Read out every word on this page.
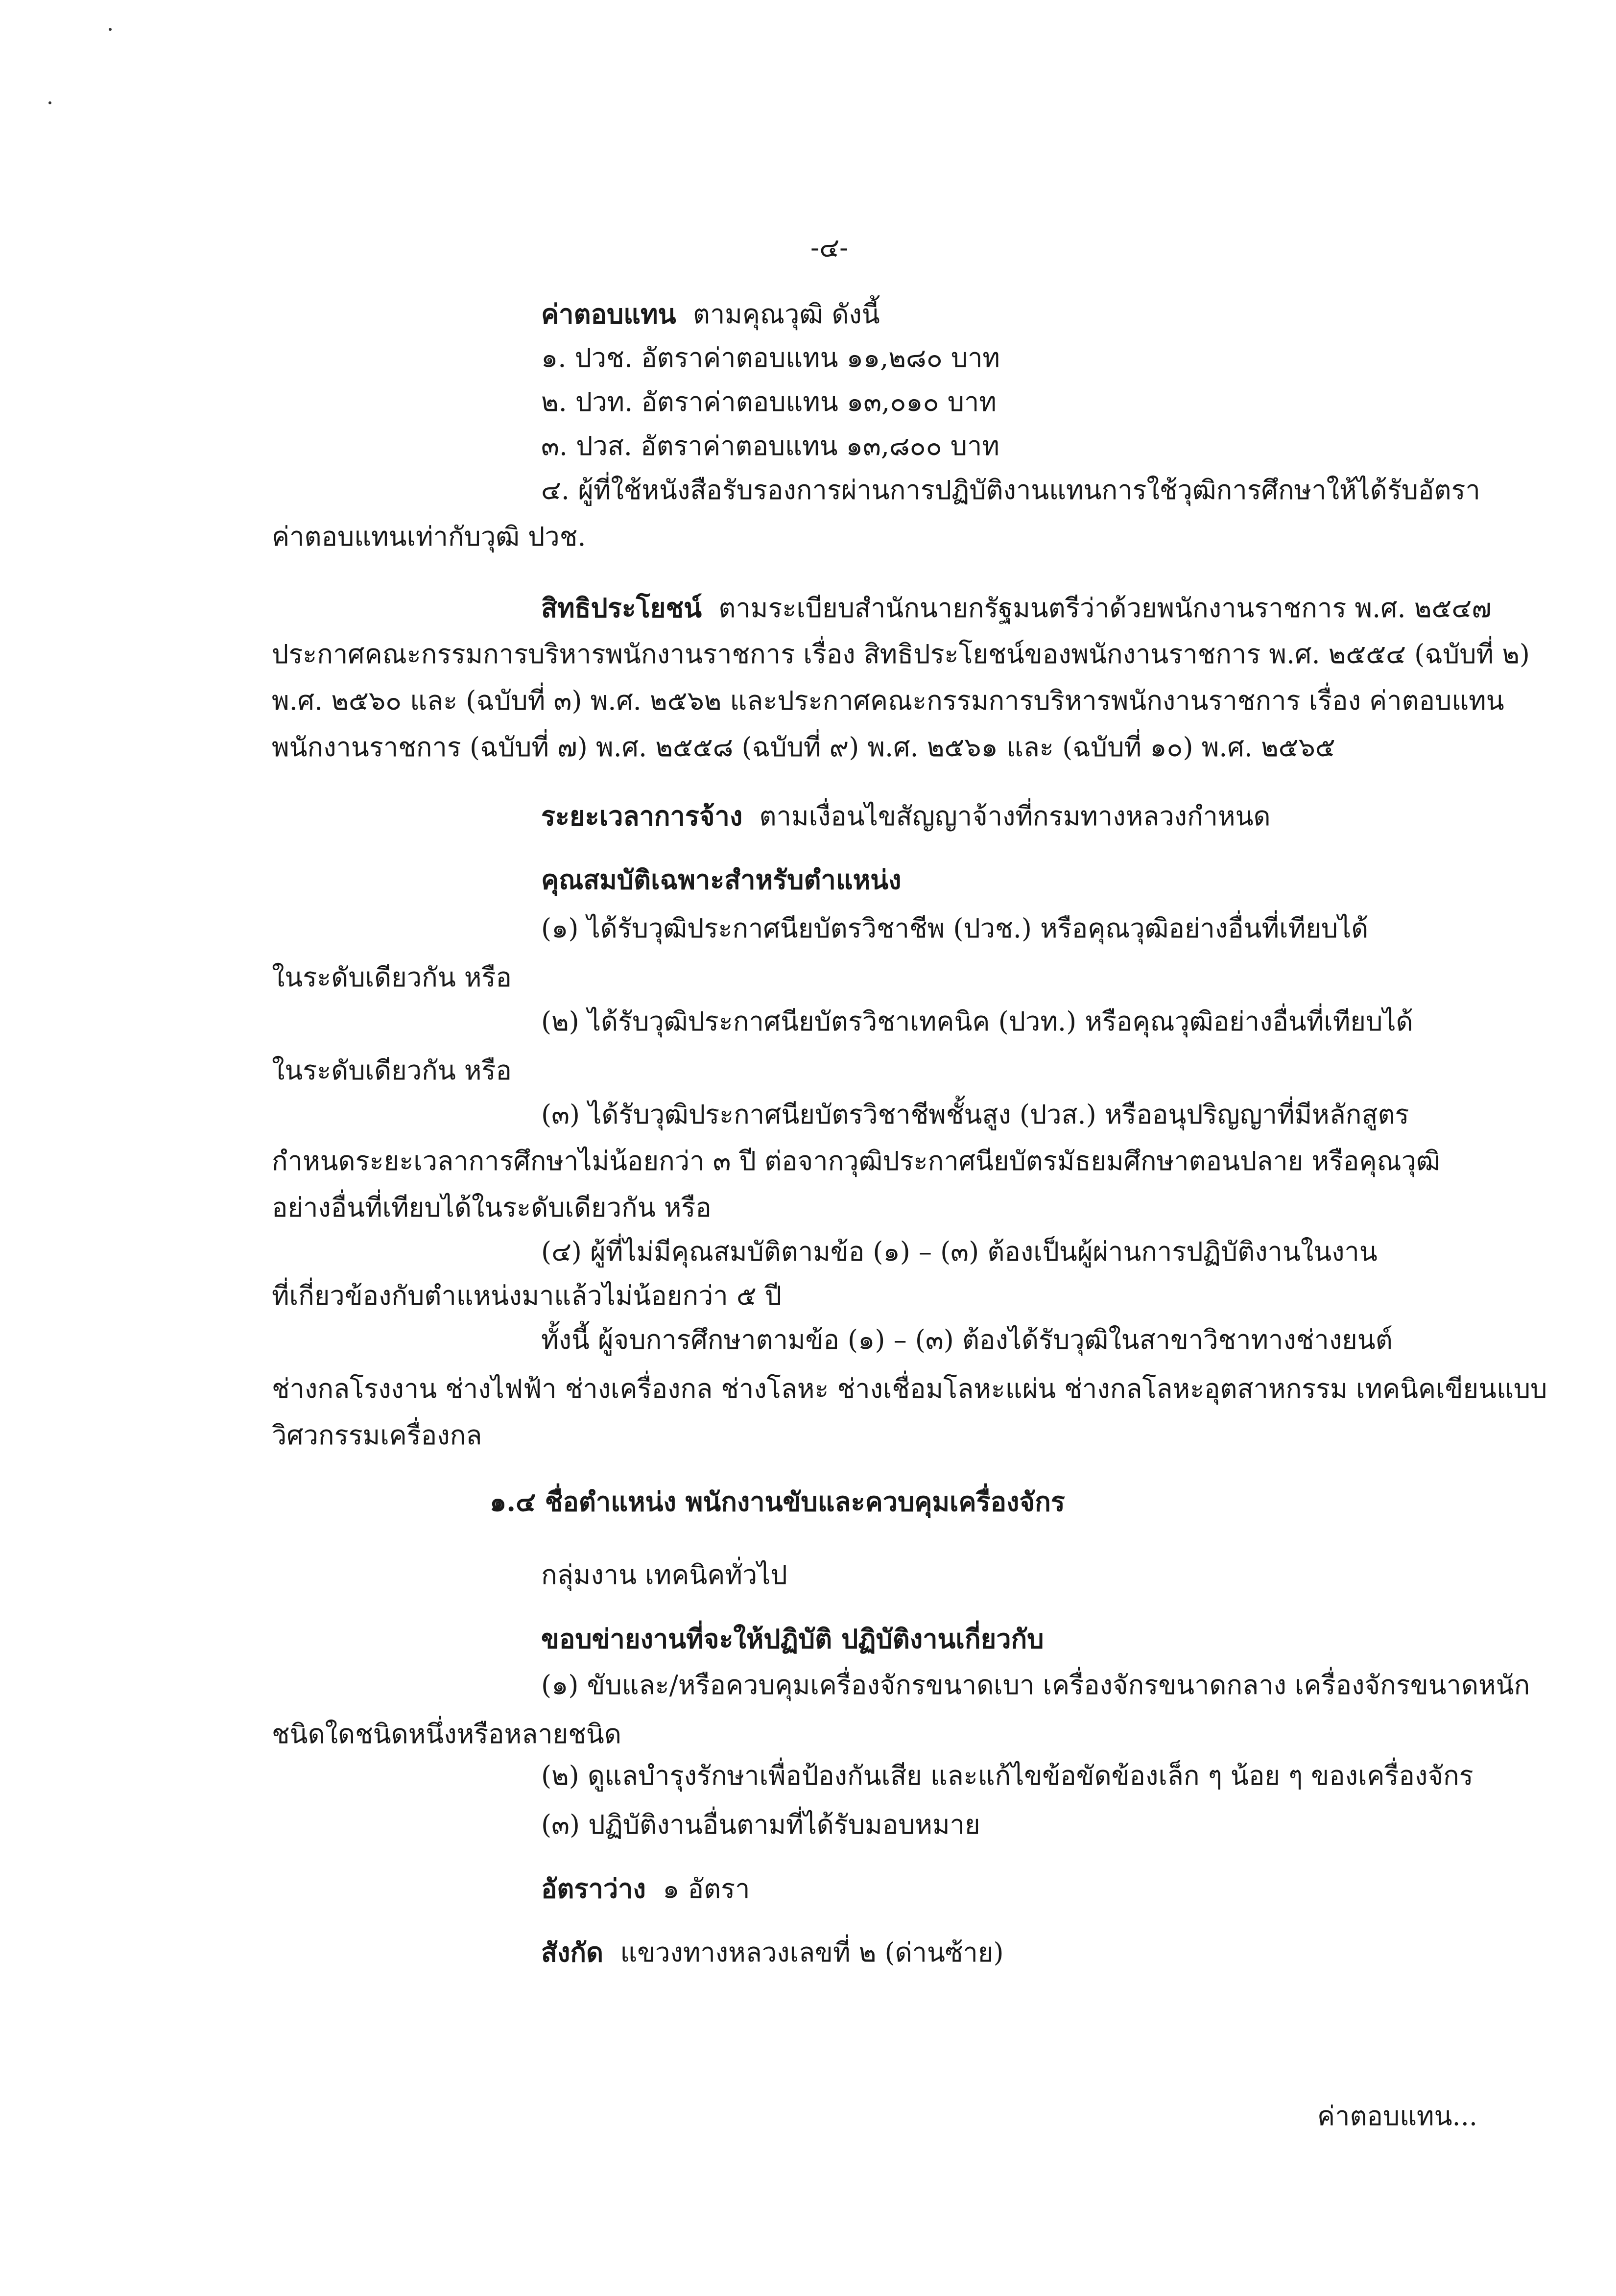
-๔-
ค่าตอบแทน ตามคุณวุฒิ ดังนี้
๑. ปวช. อัตราค่าตอบแทน ๑๑,๒๘๐ บาท
๒. ปวท. อัตราค่าตอบแทน ๑๓,๐๑๐ บาท
๓. ปวส. อัตราค่าตอบแทน ๑๓,๘๐๐ บาท
๔. ผู้ที่ใช้หนังสือรับรองการผ่านการปฏิบัติงานแทนการใช้วุฒิการศึกษาให้ได้รับอัตรา
ค่าตอบแทนเท่ากับวุฒิ ปวช.
สิทธิประโยชน์ ตามระเบียบสำนักนายกรัฐมนตรีว่าด้วยพนักงานราชการ พ.ศ. ๒๕๔๗
ประกาศคณะกรรมการบริหารพนักงานราชการ เรื่อง สิทธิประโยชน์ของพนักงานราชการ พ.ศ. ๒๕๕๔ (ฉบับที่ ๒)
พ.ศ. ๒๕๖๐ และ (ฉบับที่ ๓) พ.ศ. ๒๕๖๒ และประกาศคณะกรรมการบริหารพนักงานราชการ เรื่อง ค่าตอบแทน
พนักงานราชการ (ฉบับที่ ๗) พ.ศ. ๒๕๕๘ (ฉบับที่ ๙) พ.ศ. ๒๕๖๑ และ (ฉบับที่ ๑๐) พ.ศ. ๒๕๖๕
ระยะเวลาการจ้าง ตามเงื่อนไขสัญญาจ้างที่กรมทางหลวงกำหนด
คุณสมบัติเฉพาะสำหรับตำแหน่ง
(๑) ได้รับวุฒิประกาศนียบัตรวิชาชีพ (ปวช.) หรือคุณวุฒิอย่างอื่นที่เทียบได้
ในระดับเดียวกัน หรือ
(๒) ได้รับวุฒิประกาศนียบัตรวิชาเทคนิค (ปวท.) หรือคุณวุฒิอย่างอื่นที่เทียบได้
ในระดับเดียวกัน หรือ
(๓) ได้รับวุฒิประกาศนียบัตรวิชาชีพชั้นสูง (ปวส.) หรืออนุปริญญาที่มีหลักสูตร
กำหนดระยะเวลาการศึกษาไม่น้อยกว่า ๓ ปี ต่อจากวุฒิประกาศนียบัตรมัธยมศึกษาตอนปลาย หรือคุณวุฒิ
อย่างอื่นที่เทียบได้ในระดับเดียวกัน หรือ
(๔) ผู้ที่ไม่มีคุณสมบัติตามข้อ (๑) – (๓) ต้องเป็นผู้ผ่านการปฏิบัติงานในงาน
ที่เกี่ยวข้องกับตำแหน่งมาแล้วไม่น้อยกว่า ๕ ปี
ทั้งนี้ ผู้จบการศึกษาตามข้อ (๑) – (๓) ต้องได้รับวุฒิในสาขาวิชาทางช่างยนต์
ช่างกลโรงงาน ช่างไฟฟ้า ช่างเครื่องกล ช่างโลหะ ช่างเชื่อมโลหะแผ่น ช่างกลโลหะอุตสาหกรรม เทคนิคเขียนแบบ
วิศวกรรมเครื่องกล
๑.๔ ชื่อตำแหน่ง พนักงานขับและควบคุมเครื่องจักร
กลุ่มงาน เทคนิคทั่วไป
ขอบข่ายงานที่จะให้ปฏิบัติ ปฏิบัติงานเกี่ยวกับ
(๑) ขับและ/หรือควบคุมเครื่องจักรขนาดเบา เครื่องจักรขนาดกลาง เครื่องจักรขนาดหนัก
ชนิดใดชนิดหนึ่งหรือหลายชนิด
(๒) ดูแลบำรุงรักษาเพื่อป้องกันเสีย และแก้ไขข้อขัดข้องเล็ก ๆ น้อย ๆ ของเครื่องจักร
(๓) ปฏิบัติงานอื่นตามที่ได้รับมอบหมาย
อัตราว่าง ๑ อัตรา
สังกัด แขวงทางหลวงเลขที่ ๒ (ด่านซ้าย)
ค่าตอบแทน...
